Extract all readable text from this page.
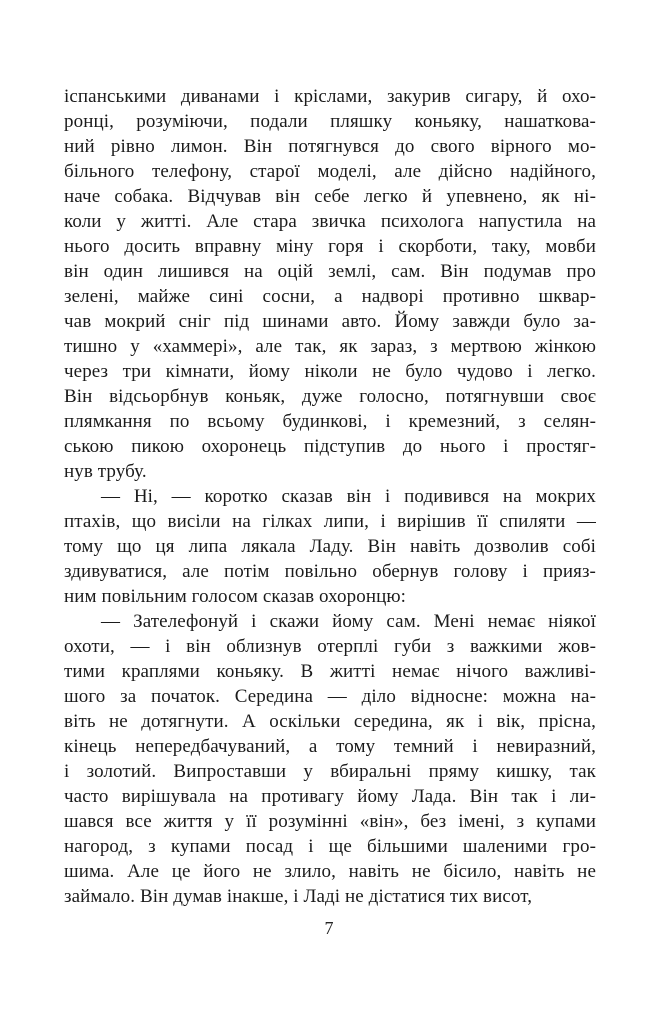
іспанськими диванами і кріслами, закурив сигару, й охо-
ронці, розуміючи, подали пляшку коньяку, нашаткова-
ний рівно лимон. Він потягнувся до свого вірного мо-
більного телефону, старої моделі, але дійсно надійного,
наче собака. Відчував він себе легко й упевнено, як ні-
коли у житті. Але стара звичка психолога напустила на
нього досить вправну міну горя і скорботи, таку, мовби
він один лишився на оцій землі, сам. Він подумав про
зелені, майже сині сосни, а надворі противно шквар-
чав мокрий сніг під шинами авто. Йому завжди було за-
тишно у «хаммері», але так, як зараз, з мертвою жінкою
через три кімнати, йому ніколи не було чудово і легко.
Він відсьорбнув коньяк, дуже голосно, потягнувши своє
плямкання по всьому будинкові, і кремезний, з селян-
ською пикою охоронець підступив до нього і простяг-
нув трубу.
— Ні, — коротко сказав він і подивився на мокрих
птахів, що висіли на гілках липи, і вирішив її спиляти —
тому що ця липа лякала Ладу. Він навіть дозволив собі
здивуватися, але потім повільно обернув голову і прияз-
ним повільним голосом сказав охоронцю:
— Зателефонуй і скажи йому сам. Мені немає ніякої
охоти, — і він облизнув отерплі губи з важкими жов-
тими краплями коньяку. В житті немає нічого важливі-
шого за початок. Середина — діло відносне: можна на-
віть не дотягнути. А оскільки середина, як і вік, прісна,
кінець непередбачуваний, а тому темний і невиразний,
і золотий. Випроставши у вбиральні пряму кишку, так
часто вирішувала на противагу йому Лада. Він так і ли-
шався все життя у її розумінні «він», без імені, з купами
нагород, з купами посад і ще більшими шаленими гро-
шима. Але це його не злило, навіть не бісило, навіть не
займало. Він думав інакше, і Ладі не дістатися тих висот,
7
